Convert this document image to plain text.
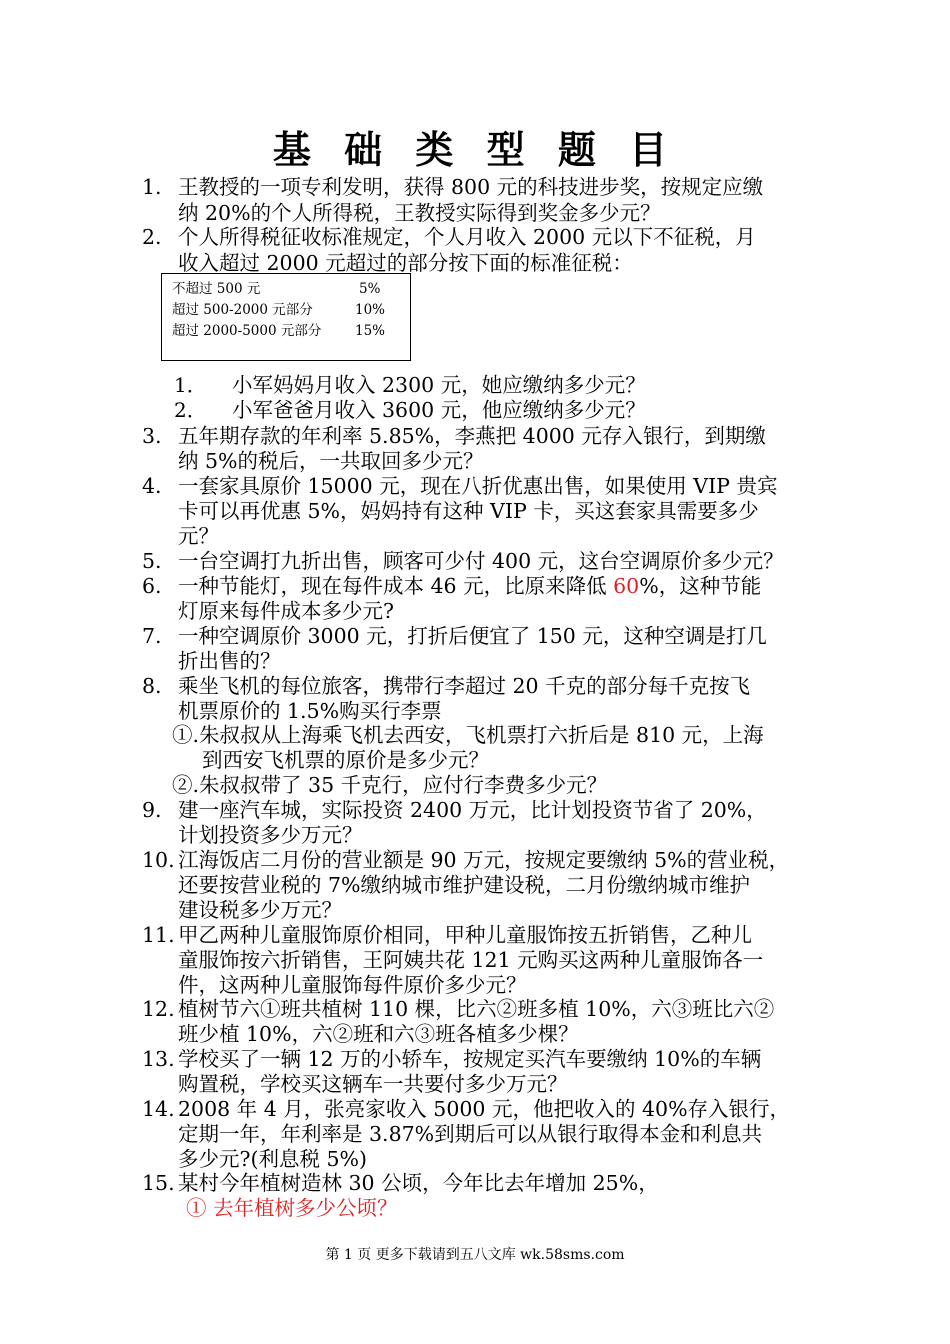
基 础 类 型 题 目
1. 王教授的一项专利发明，获得 800 元的科技进步奖，按规定应缴
纳 20%的个人所得税，王教授实际得到奖金多少元？
2. 个人所得税征收标准规定，个人月收入 2000 元以下不征税，月
收入超过 2000 元超过的部分按下面的标准征税：
不超过 500 元	5%
超过 500-2000 元部分	10%
超过 2000-5000 元部分 15%
1． 小军妈妈月收入 2300 元，她应缴纳多少元？
2． 小军爸爸月收入 3600 元，他应缴纳多少元？
3. 五年期存款的年利率 5.85%，李燕把 4000 元存入银行，到期缴
纳 5%的税后，一共取回多少元？
4. 一套家具原价 15000 元，现在八折优惠出售，如果使用 VIP 贵宾
卡可以再优惠 5%，妈妈持有这种 VIP 卡，买这套家具需要多少
元？
5. 一台空调打九折出售，顾客可少付 400 元，这台空调原价多少元？
6. 一种节能灯，现在每件成本 46 元，比原来降低 60%，这种节能
灯原来每件成本多少元?
7. 一种空调原价 3000 元，打折后便宜了 150 元，这种空调是打几
折出售的？
8. 乘坐飞机的每位旅客，携带行李超过 20 千克的部分每千克按飞
机票原价的 1.5%购买行李票
①.朱叔叔从上海乘飞机去西安，飞机票打六折后是 810 元，上海
到西安飞机票的原价是多少元？
②.朱叔叔带了 35 千克行，应付行李费多少元？
9. 建一座汽车城，实际投资 2400 万元，比计划投资节省了 20%，
计划投资多少万元？
10. 江海饭店二月份的营业额是 90 万元，按规定要缴纳 5%的营业税，
还要按营业税的 7%缴纳城市维护建设税，二月份缴纳城市维护
建设税多少万元？
11. 甲乙两种儿童服饰原价相同，甲种儿童服饰按五折销售，乙种儿
童服饰按六折销售，王阿姨共花 121 元购买这两种儿童服饰各一
件，这两种儿童服饰每件原价多少元？
12. 植树节六①班共植树 110 棵，比六②班多植 10%，六③班比六②
班少植 10%，六②班和六③班各植多少棵？
13. 学校买了一辆 12 万的小轿车，按规定买汽车要缴纳 10%的车辆
购置税，学校买这辆车一共要付多少万元？
14. 2008 年 4 月，张亮家收入 5000 元，他把收入的 40%存入银行，
定期一年，年利率是 3.87%到期后可以从银行取得本金和利息共
多少元?(利息税 5%)
15. 某村今年植树造林 30 公顷，今年比去年增加 25%，
① 去年植树多少公顷？
第 1 页 更多下载请到五八文库 wk.58sms.com
